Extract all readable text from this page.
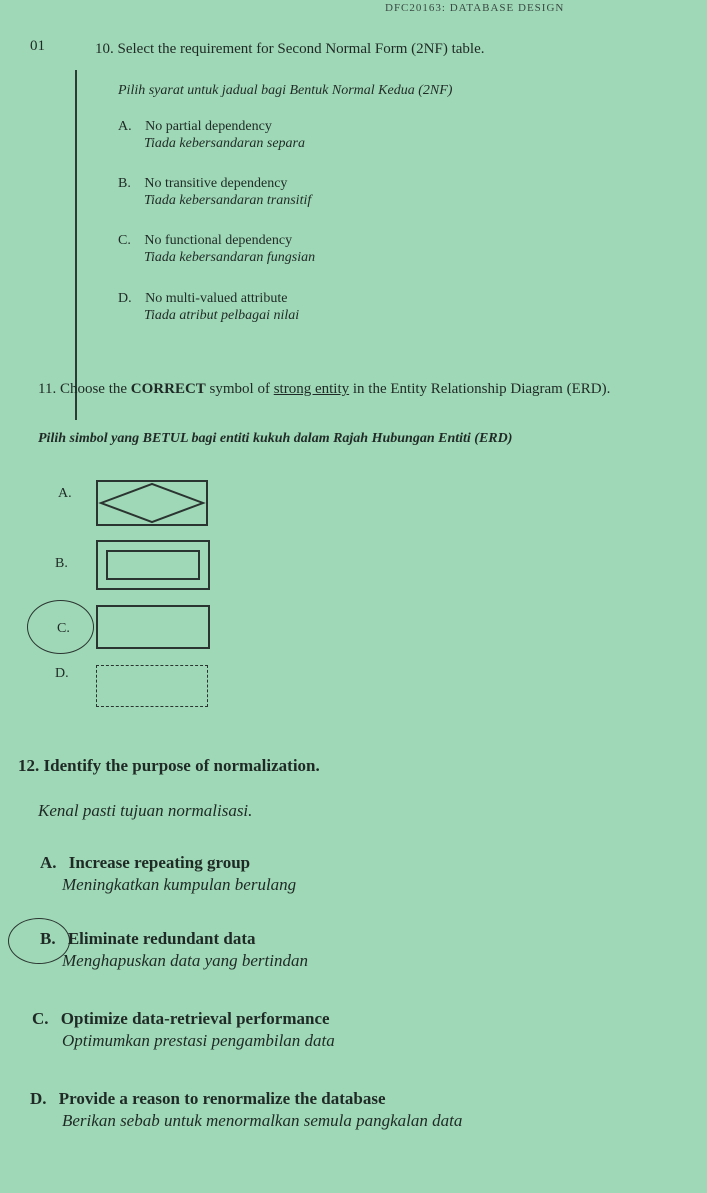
DFC20163: DATABASE DESIGN
01	10. Select the requirement for Second Normal Form (2NF) table.
Pilih syarat untuk jadual bagi Bentuk Normal Kedua (2NF)
A. No partial dependency
Tiada kebersandaran separa
B. No transitive dependency
Tiada kebersandaran transitif
C. No functional dependency
Tiada kebersandaran fungsian
D. No multi-valued attribute
Tiada atribut pelbagai nilai
11. Choose the CORRECT symbol of strong entity in the Entity Relationship Diagram (ERD).
Pilih simbol yang BETUL bagi entiti kukuh dalam Rajah Hubungan Entiti (ERD)
A.
B.
C.
D.
12. Identify the purpose of normalization.
Kenal pasti tujuan normalisasi.
A. Increase repeating group
Meningkatkan kumpulan berulang
B. Eliminate redundant data
Menghapuskan data yang bertindan
C. Optimize data-retrieval performance
Optimumkan prestasi pengambilan data
D. Provide a reason to renormalize the database
Berikan sebab untuk menormalkan semula pangkalan data
